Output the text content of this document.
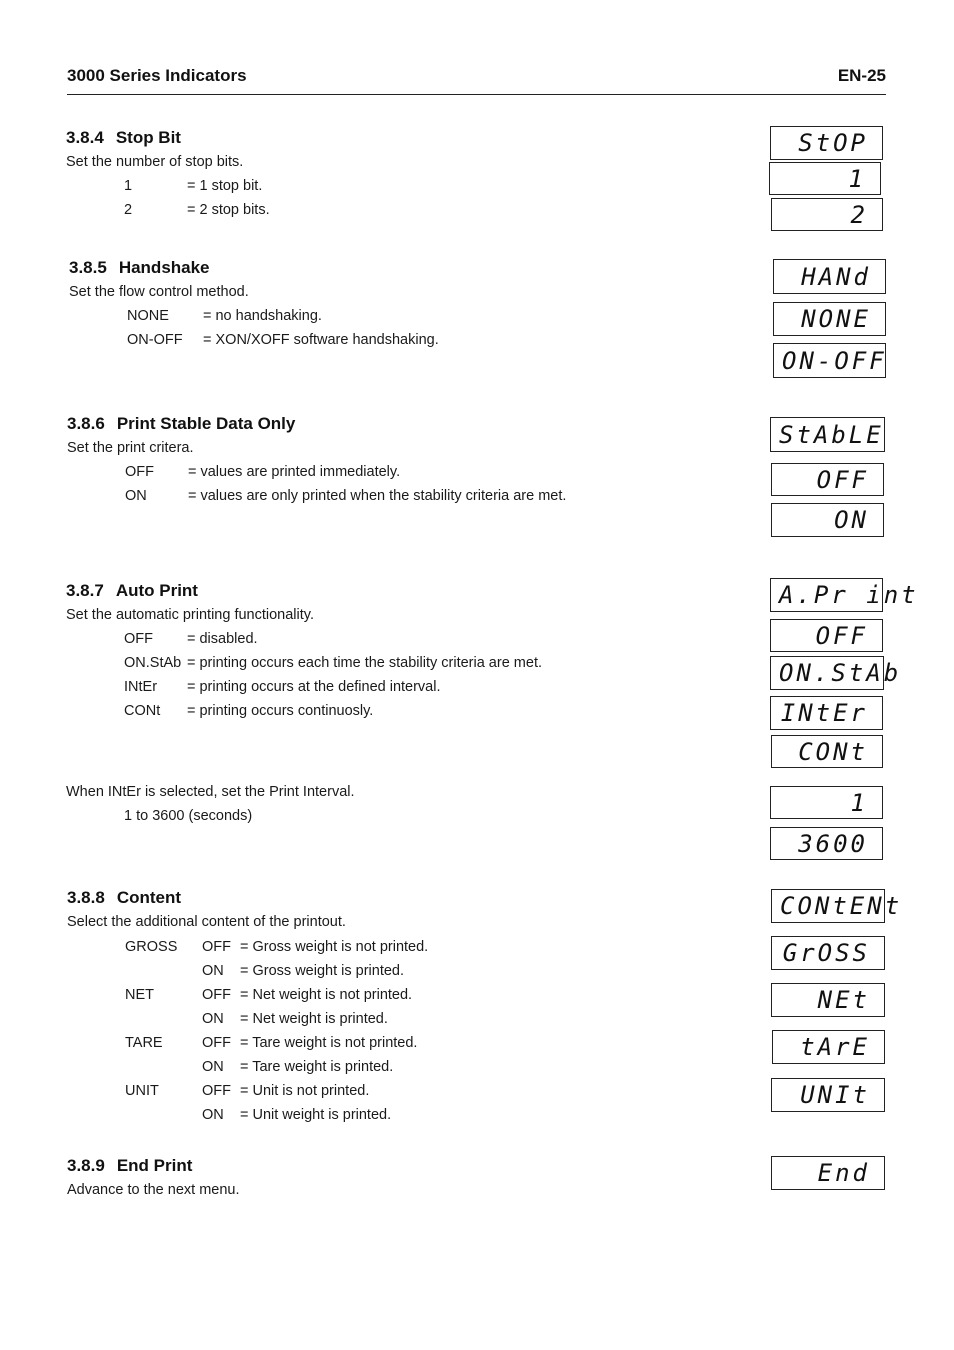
3000 Series Indicators	EN-25
3.8.4 Stop Bit
Set the number of stop bits.
1	= 1 stop bit.
2	= 2 stop bits.
3.8.5 Handshake
Set the flow control method.
NONE = no handshaking.
ON-OFF = XON/XOFF software handshaking.
3.8.6 Print Stable Data Only
Set the print critera.
OFF = values are printed immediately.
ON	= values are only printed when the stability criteria are met.
3.8.7 Auto Print
Set the automatic printing functionality.
OFF = disabled.
ON.StAb = printing occurs each time the stability criteria are met.
INtEr = printing occurs at the defined interval.
CONt = printing occurs continuosly.
When INtEr is selected, set the Print Interval.
1 to 3600 (seconds)
3.8.8 Content
Select the additional content of the printout.
GROSS OFF = Gross weight is not printed.
ON = Gross weight is printed.
NET	OFF = Net weight is not printed.
ON = Net weight is printed.
TARE	OFF = Tare weight is not printed.
ON = Tare weight is printed.
UNIT	OFF = Unit is not printed.
ON = Unit weight is printed.
3.8.9 End Print
Advance to the next menu.
StOP
1
2
HANd
NONE
ON-OFF
StAbLE
OFF
ON
A.Pr int
OFF
ON.StAb
INtEr
CONt
1
3600
CONtENt
GrOSS
NEt
tArE
UNIt
End
